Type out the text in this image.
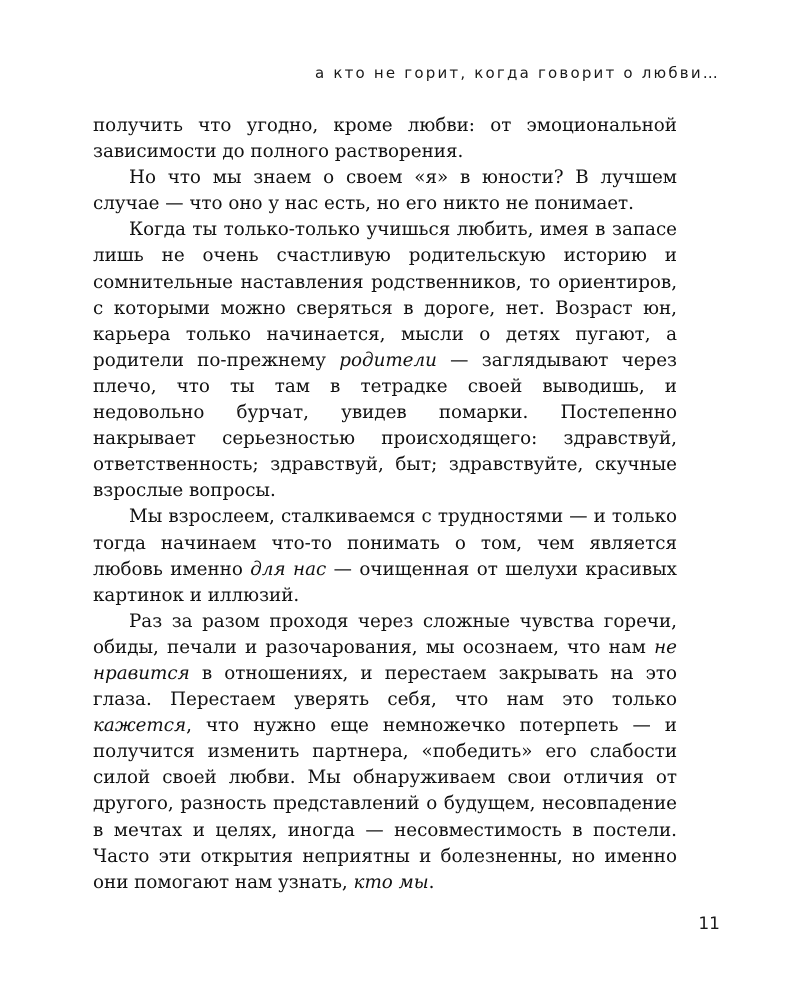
а кто не горит, когда говорит о любви…

получить что угодно, кроме любви: от эмоциональной зависимости до полного растворения.

Но что мы знаем о своем «я» в юности? В лучшем случае — что оно у нас есть, но его никто не понимает.

Когда ты только-только учишься любить, имея в запасе лишь не очень счастливую родительскую историю и сомнительные наставления родственников, то ориентиров, с которыми можно сверяться в дороге, нет. Возраст юн, карьера только начинается, мысли о детях пугают, а родители по-прежнему родители — заглядывают через плечо, что ты там в тетрадке своей выводишь, и недовольно бурчат, увидев помарки. Постепенно накрывает серьезностью происходящего: здравствуй, ответственность; здравствуй, быт; здравствуйте, скучные взрослые вопросы.

Мы взрослеем, сталкиваемся с трудностями — и только тогда начинаем что-то понимать о том, чем является любовь именно для нас — очищенная от шелухи красивых картинок и иллюзий.

Раз за разом проходя через сложные чувства горечи, обиды, печали и разочарования, мы осознаем, что нам не нравится в отношениях, и перестаем закрывать на это глаза. Перестаем уверять себя, что нам это только кажется, что нужно еще немножечко потерпеть — и получится изменить партнера, «победить» его слабости силой своей любви. Мы обнаруживаем свои отличия от другого, разность представлений о будущем, несовпадение в мечтах и целях, иногда — несовместимость в постели. Часто эти открытия неприятны и болезненны, но именно они помогают нам узнать, кто мы.

11
